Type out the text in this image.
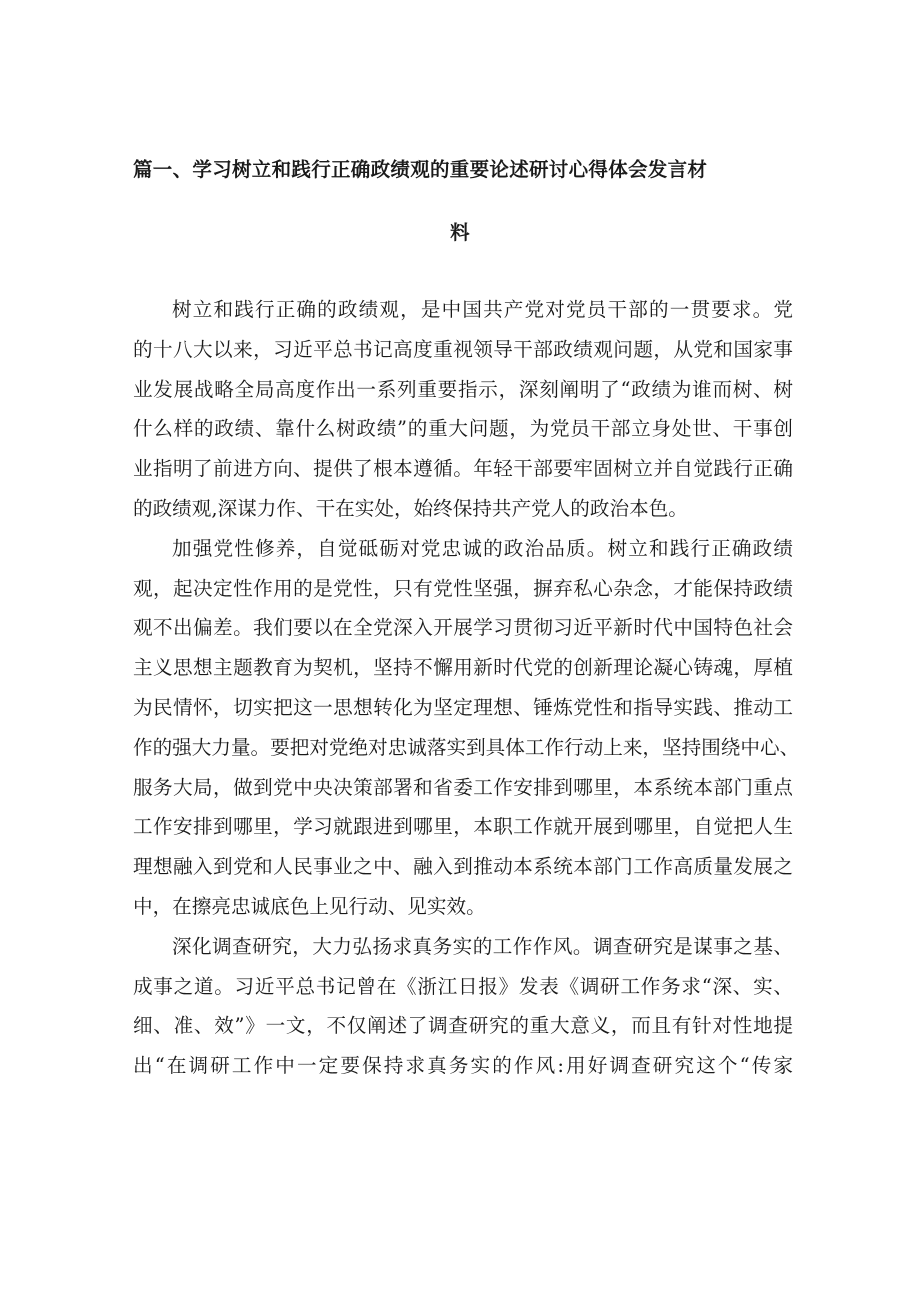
篇一、学习树立和践行正确政绩观的重要论述研讨心得体会发言材
料

树立和践行正确的政绩观，是中国共产党对党员干部的一贯要求。党

的十八大以来，习近平总书记高度重视领导干部政绩观问题，从党和国家事

业发展战略全局高度作出一系列重要指示，深刻阐明了“政绩为谁而树、树

什么样的政绩、靠什么树政绩”的重大问题，为党员干部立身处世、干事创

业指明了前进方向、提供了根本遵循。年轻干部要牢固树立并自觉践行正确

的政绩观,深谋力作、干在实处，始终保持共产党人的政治本色。

加强党性修养，自觉砥砺对党忠诚的政治品质。树立和践行正确政绩

观，起决定性作用的是党性，只有党性坚强，摒弃私心杂念，才能保持政绩

观不出偏差。我们要以在全党深入开展学习贯彻习近平新时代中国特色社会

主义思想主题教育为契机，坚持不懈用新时代党的创新理论凝心铸魂，厚植

为民情怀，切实把这一思想转化为坚定理想、锤炼党性和指导实践、推动工

作的强大力量。要把对党绝对忠诚落实到具体工作行动上来，坚持围绕中心、

服务大局，做到党中央决策部署和省委工作安排到哪里，本系统本部门重点

工作安排到哪里，学习就跟进到哪里，本职工作就开展到哪里，自觉把人生

理想融入到党和人民事业之中、融入到推动本系统本部门工作高质量发展之

中，在擦亮忠诚底色上见行动、见实效。

深化调查研究，大力弘扬求真务实的工作作风。调查研究是谋事之基、

成事之道。习近平总书记曾在《浙江日报》发表《调研工作务求“深、实、

细、准、效”》一文，不仅阐述了调查研究的重大意义，而且有针对性地提

出“在调研工作中一定要保持求真务实的作风:用好调查研究这个“传家
